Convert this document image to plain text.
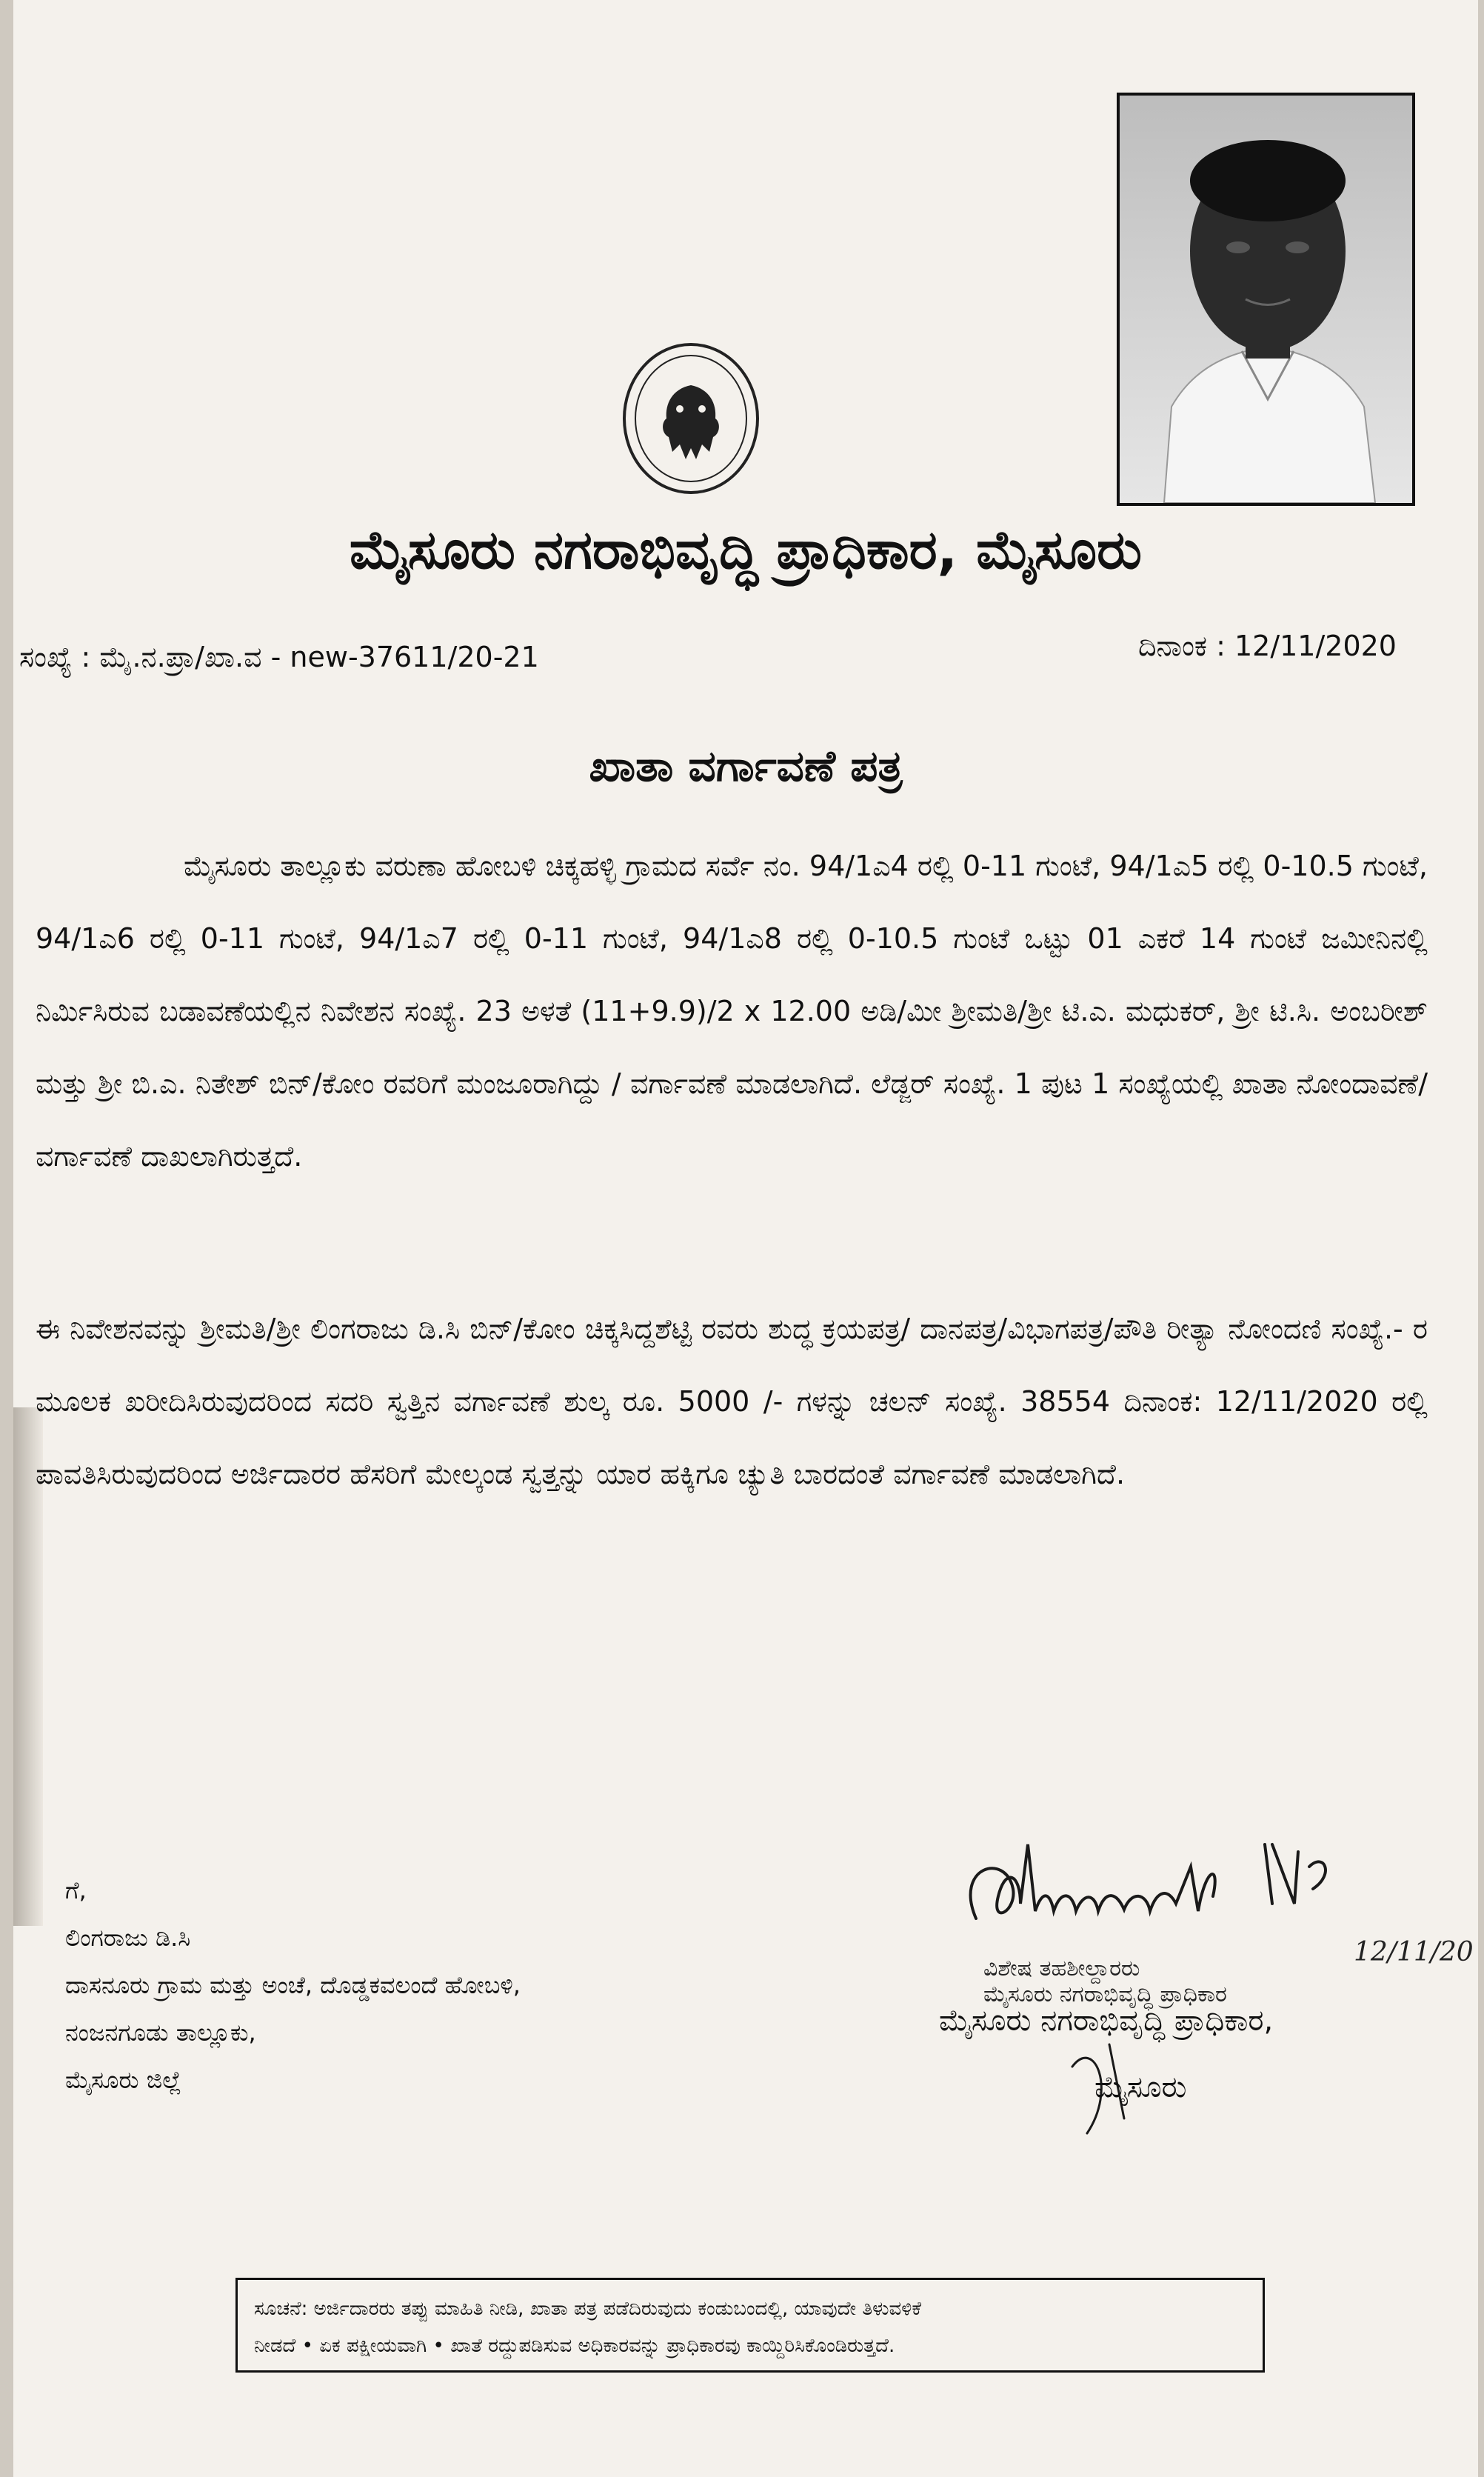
ಮೈಸೂರು ನಗರಾಭಿವೃದ್ಧಿ ಪ್ರಾಧಿಕಾರ, ಮೈಸೂರು
ಸಂಖ್ಯೆ : ಮೈ.ನ.ಪ್ರಾ/ಖಾ.ವ - new-37611/20-21	ದಿನಾಂಕ : 12/11/2020
ಖಾತಾ ವರ್ಗಾವಣೆ ಪತ್ರ

ಮೈಸೂರು ತಾಲ್ಲೂಕು ವರುಣಾ ಹೋಬಳಿ ಚಿಕ್ಕಹಳ್ಳಿ ಗ್ರಾಮದ ಸರ್ವೆ ನಂ. 94/1ಎ4 ರಲ್ಲಿ 0-11 ಗುಂಟೆ, 94/1ಎ5 ರಲ್ಲಿ 0-10.5 ಗುಂಟೆ, 94/1ಎ6 ರಲ್ಲಿ 0-11 ಗುಂಟೆ, 94/1ಎ7 ರಲ್ಲಿ 0-11 ಗುಂಟೆ, 94/1ಎ8 ರಲ್ಲಿ 0-10.5 ಗುಂಟೆ ಒಟ್ಟು 01 ಎಕರೆ 14 ಗುಂಟೆ ಜಮೀನಿನಲ್ಲಿ ನಿರ್ಮಿಸಿರುವ ಬಡಾವಣೆಯಲ್ಲಿನ ನಿವೇಶನ ಸಂಖ್ಯೆ. 23 ಅಳತೆ (11+9.9)/2 x 12.00 ಅಡಿ/ಮೀ ಶ್ರೀಮತಿ/ಶ್ರೀ ಟಿ.ಎ. ಮಧುಕರ್, ಶ್ರೀ ಟಿ.ಸಿ. ಅಂಬರೀಶ್ ಮತ್ತು ಶ್ರೀ ಬಿ.ಎ. ನಿತೇಶ್ ಬಿನ್/ಕೋಂ ರವರಿಗೆ ಮಂಜೂರಾಗಿದ್ದು / ವರ್ಗಾವಣೆ ಮಾಡಲಾಗಿದೆ. ಲೆಡ್ಜರ್ ಸಂಖ್ಯೆ. 1 ಪುಟ 1 ಸಂಖ್ಯೆಯಲ್ಲಿ ಖಾತಾ ನೋಂದಾವಣೆ/ ವರ್ಗಾವಣೆ ದಾಖಲಾಗಿರುತ್ತದೆ.

ಈ ನಿವೇಶನವನ್ನು ಶ್ರೀಮತಿ/ಶ್ರೀ ಲಿಂಗರಾಜು ಡಿ.ಸಿ ಬಿನ್/ಕೋಂ ಚಿಕ್ಕಸಿದ್ದಶೆಟ್ಟಿ ರವರು ಶುದ್ಧ ಕ್ರಯಪತ್ರ/ ದಾನಪತ್ರ/ವಿಭಾಗಪತ್ರ/ಪೌತಿ ರೀತ್ಯಾ ನೋಂದಣಿ ಸಂಖ್ಯೆ.- ರ ಮೂಲಕ ಖರೀದಿಸಿರುವುದರಿಂದ ಸದರಿ ಸ್ವತ್ತಿನ ವರ್ಗಾವಣೆ ಶುಲ್ಕ ರೂ. 5000 /- ಗಳನ್ನು ಚಲನ್ ಸಂಖ್ಯೆ. 38554 ದಿನಾಂಕ: 12/11/2020 ರಲ್ಲಿ ಪಾವತಿಸಿರುವುದರಿಂದ ಅರ್ಜಿದಾರರ ಹೆಸರಿಗೆ ಮೇಲ್ಕಂಡ ಸ್ವತ್ತನ್ನು ಯಾರ ಹಕ್ಕಿಗೂ ಚ್ಯುತಿ ಬಾರದಂತೆ ವರ್ಗಾವಣೆ ಮಾಡಲಾಗಿದೆ.

ಗೆ,
ಲಿಂಗರಾಜು ಡಿ.ಸಿ
ದಾಸನೂರು ಗ್ರಾಮ ಮತ್ತು ಅಂಚೆ, ದೊಡ್ಡಕವಲಂದೆ ಹೋಬಳಿ,
ನಂಜನಗೂಡು ತಾಲ್ಲೂಕು,
ಮೈಸೂರು ಜಿಲ್ಲೆ
ವಿಶೇಷ ತಹಶೀಲ್ದಾರರು
ಮೈಸೂರು ನಗರಾಭಿವೃದ್ಧಿ ಪ್ರಾಧಿಕಾರ
12/11/20
ಮೈಸೂರು ನಗರಾಭಿವೃದ್ಧಿ ಪ್ರಾಧಿಕಾರ,
ಮೈಸೂರು
ಸೂಚನೆ: ಅರ್ಜಿದಾರರು ತಪ್ಪು ಮಾಹಿತಿ ನೀಡಿ, ಖಾತಾ ಪತ್ರ ಪಡೆದಿರುವುದು ಕಂಡುಬಂದಲ್ಲಿ, ಯಾವುದೇ ತಿಳುವಳಿಕೆ
ನೀಡದೆ • ಏಕ ಪಕ್ಷೀಯವಾಗಿ • ಖಾತೆ ರದ್ದುಪಡಿಸುವ ಅಧಿಕಾರವನ್ನು ಪ್ರಾಧಿಕಾರವು ಕಾಯ್ದಿರಿಸಿಕೊಂಡಿರುತ್ತದೆ.
